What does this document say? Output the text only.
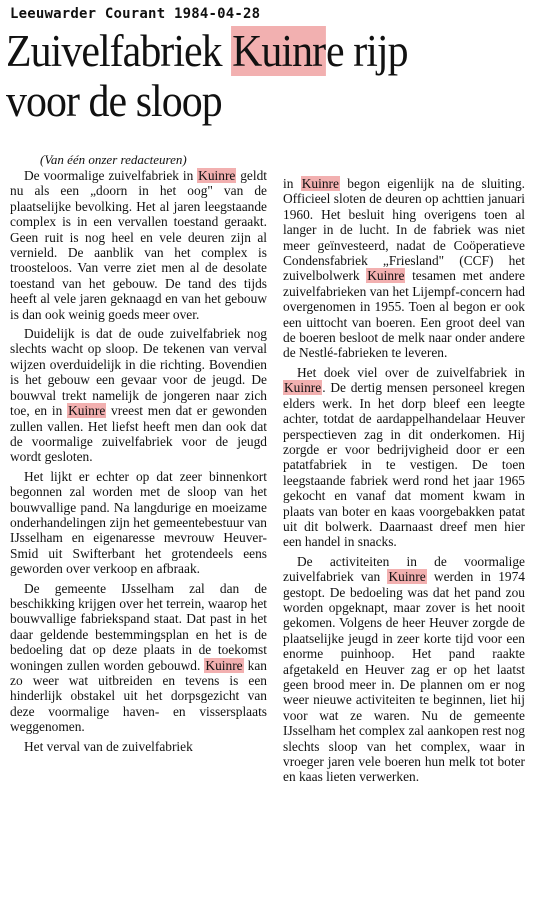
Leeuwarder Courant 1984-04-28
Zuivelfabriek Kuinre rijp
voor de sloop
(Van één onzer redacteuren)

De voormalige zuivelfabriek in Kuinre geldt nu als een „doorn in het oog" van de plaatselijke bevolking. Het al jaren leegstaande complex is in een vervallen toestand geraakt. Geen ruit is nog heel en vele deuren zijn al vernield. De aanblik van het complex is troosteloos. Van verre ziet men al de desolate toestand van het gebouw. De tand des tijds heeft al vele jaren geknaagd en van het gebouw is dan ook weinig goeds meer over.

Duidelijk is dat de oude zuivelfabriek nog slechts wacht op sloop. De tekenen van verval wijzen overduidelijk in die richting. Bovendien is het gebouw een gevaar voor de jeugd. De bouwval trekt namelijk de jongeren naar zich toe, en in Kuinre vreest men dat er gewonden zullen vallen. Het liefst heeft men dan ook dat de voormalige zuivelfabriek voor de jeugd wordt gesloten.

Het lijkt er echter op dat zeer binnenkort begonnen zal worden met de sloop van het bouwvallige pand. Na langdurige en moeizame onderhandelingen zijn het gemeentebestuur van IJsselham en eigenaresse mevrouw Heuver-Smid uit Swifterbant het grotendeels eens geworden over verkoop en afbraak.

De gemeente IJsselham zal dan de beschikking krijgen over het terrein, waarop het bouwvallige fabriekspand staat. Dat past in het daar geldende bestemmingsplan en het is de bedoeling dat op deze plaats in de toekomst woningen zullen worden gebouwd. Kuinre kan zo weer wat uitbreiden en tevens is een hinderlijk obstakel uit het dorpsgezicht van deze voormalige haven- en vissersplaats weggenomen.

Het verval van de zuivelfabriek

in Kuinre begon eigenlijk na de sluiting. Officieel sloten de deuren op achttien januari 1960. Het besluit hing overigens toen al langer in de lucht. In de fabriek was niet meer geïnvesteerd, nadat de Coöperatieve Condensfabriek „Friesland" (CCF) het zuivelbolwerk Kuinre tesamen met andere zuivelfabrieken van het Lijempf-concern had overgenomen in 1955. Toen al begon er ook een uittocht van boeren. Een groot deel van de boeren besloot de melk naar onder andere de Nestlé-fabrieken te leveren.

Het doek viel over de zuivelfabriek in Kuinre. De dertig mensen personeel kregen elders werk. In het dorp bleef een leegte achter, totdat de aardappelhandelaar Heuver perspectieven zag in dit onderkomen. Hij zorgde er voor bedrijvigheid door er een patatfabriek in te vestigen. De toen leegstaande fabriek werd rond het jaar 1965 gekocht en vanaf dat moment kwam in plaats van boter en kaas voorgebakken patat uit dit bolwerk. Daarnaast dreef men hier een handel in snacks.

De activiteiten in de voormalige zuivelfabriek van Kuinre werden in 1974 gestopt. De bedoeling was dat het pand zou worden opgeknapt, maar zover is het nooit gekomen. Volgens de heer Heuver zorgde de plaatselijke jeugd in zeer korte tijd voor een enorme puinhoop. Het pand raakte afgetakeld en Heuver zag er op het laatst geen brood meer in. De plannen om er nog weer nieuwe activiteiten te beginnen, liet hij voor wat ze waren. Nu de gemeente IJsselham het complex zal aankopen rest nog slechts sloop van het complex, waar in vroeger jaren vele boeren hun melk tot boter en kaas lieten verwerken.
